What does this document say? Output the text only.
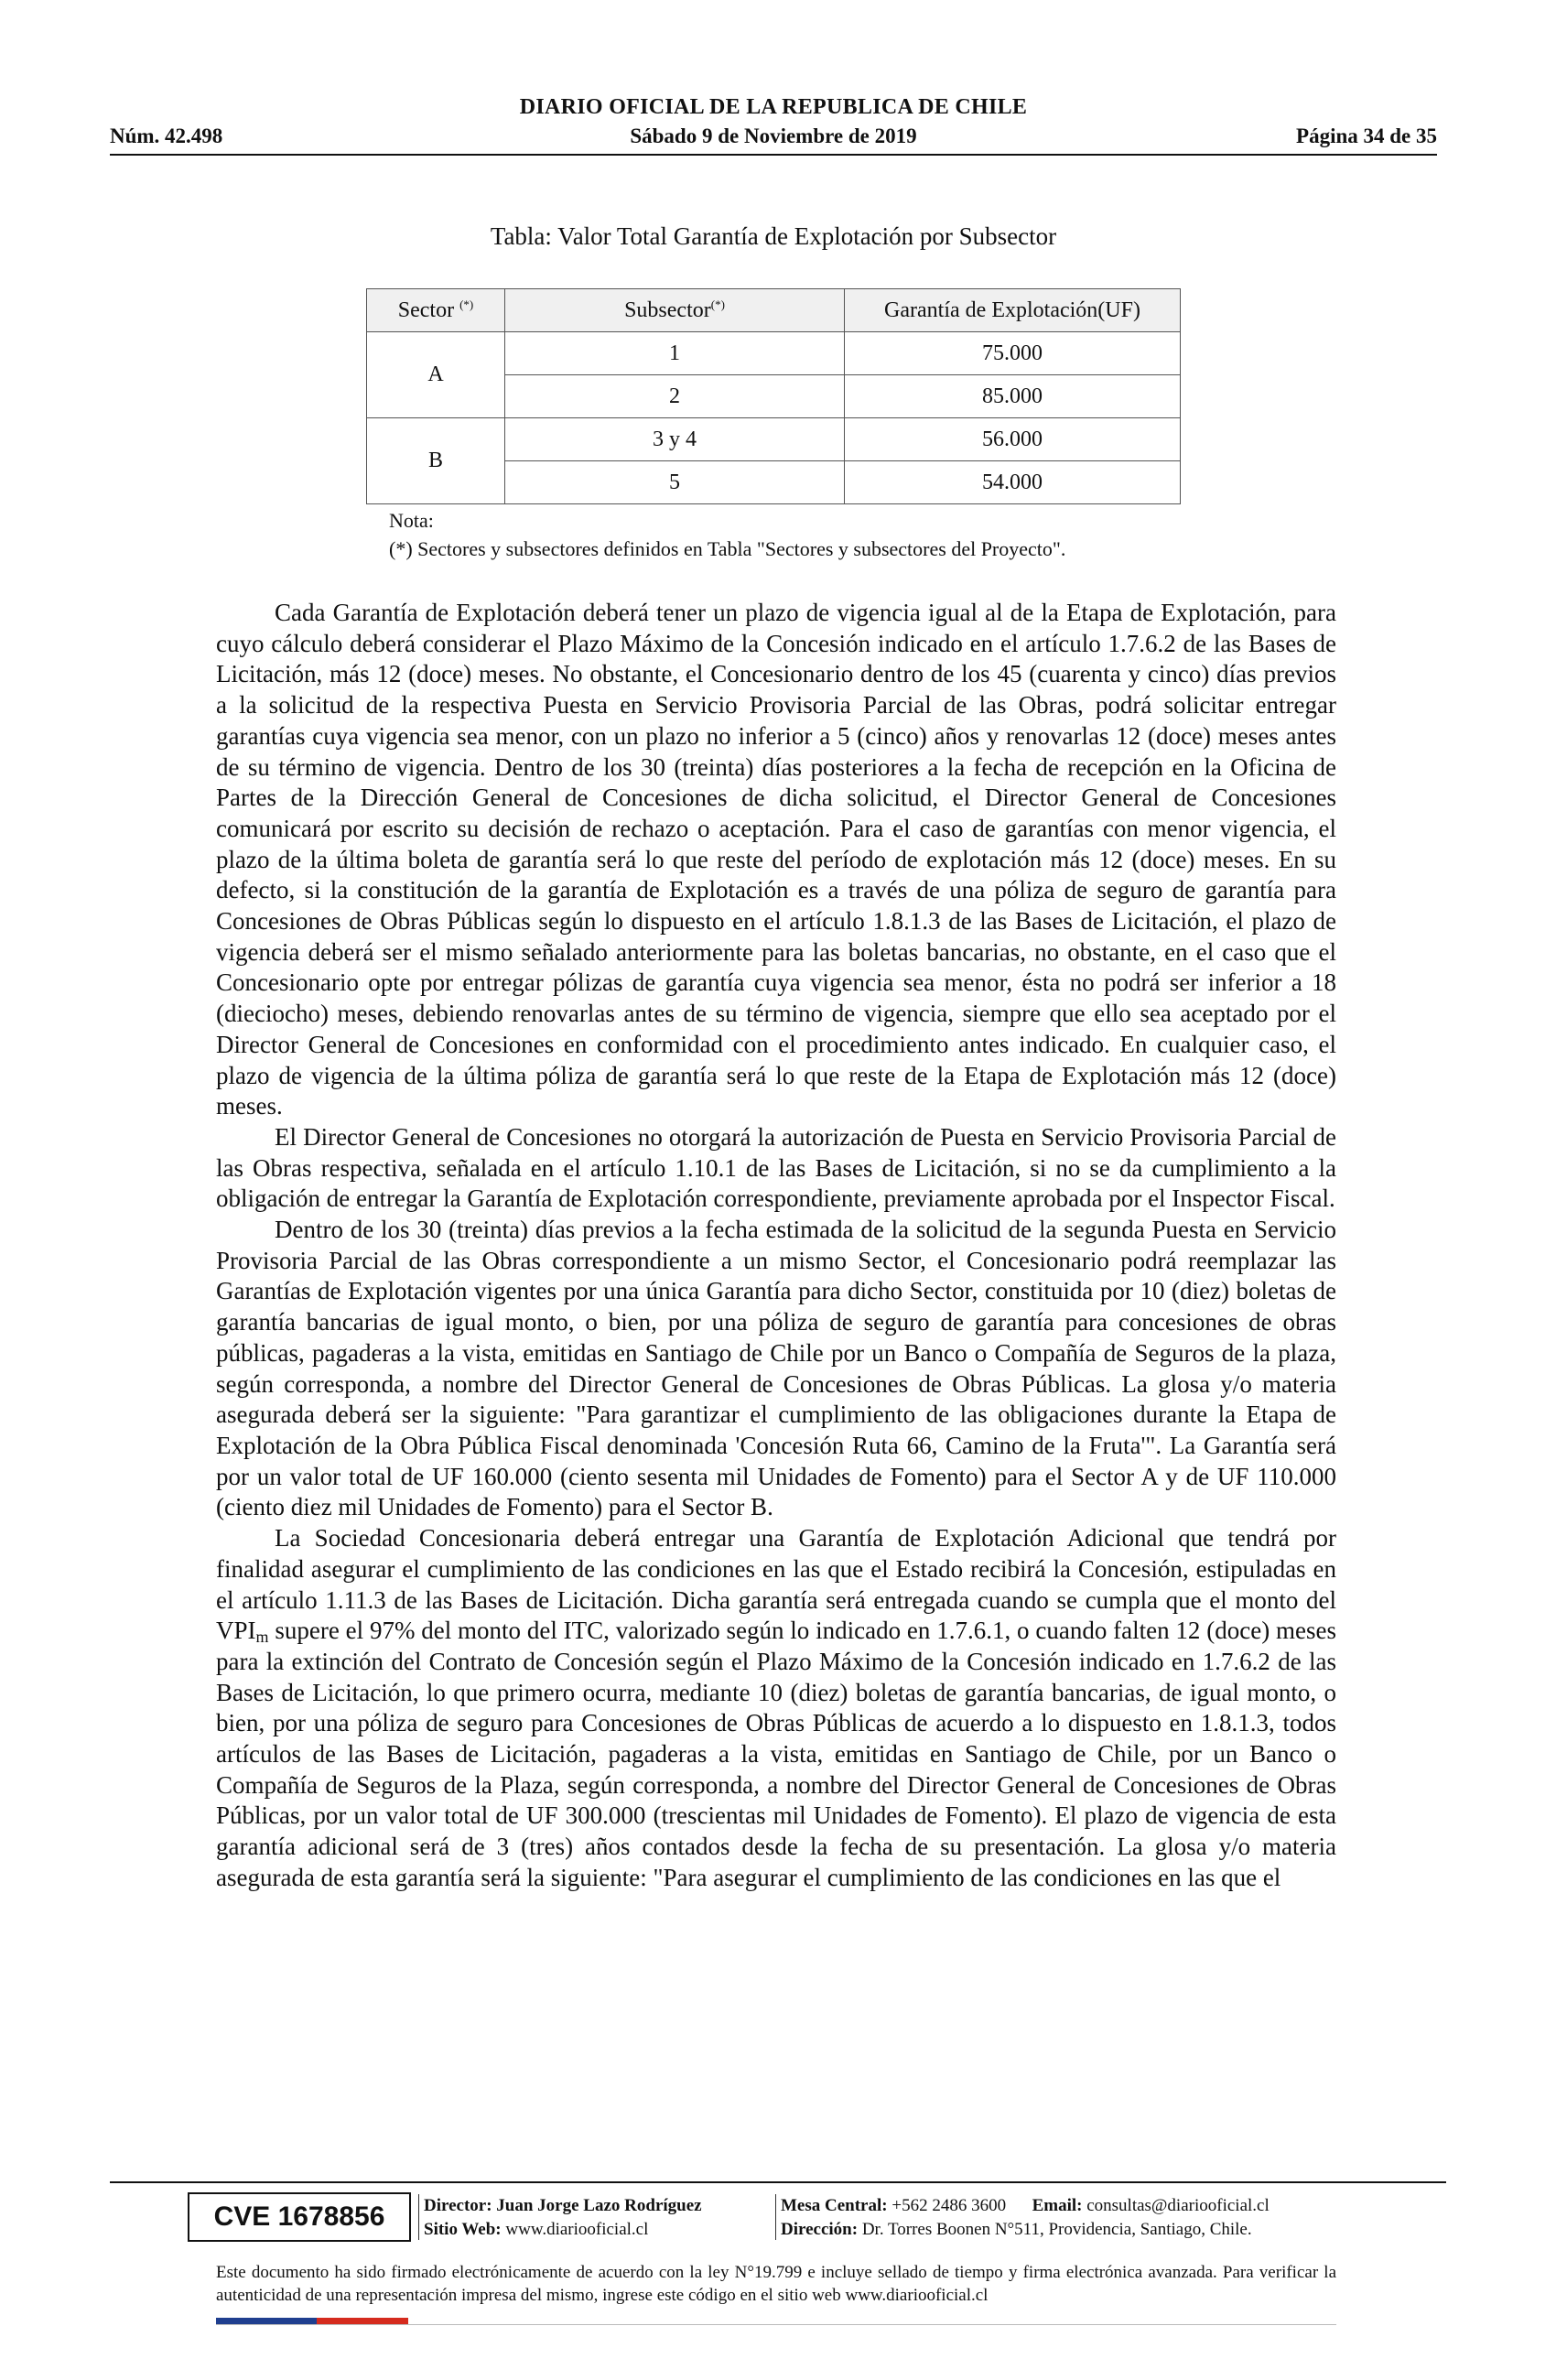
DIARIO OFICIAL DE LA REPUBLICA DE CHILE
Núm. 42.498	Sábado 9 de Noviembre de 2019	Página 34 de 35
Tabla: Valor Total Garantía de Explotación por Subsector
Sector (*)	Subsector(*)	Garantía de Explotación(UF)
A	1	75.000
	2	85.000
B	3 y 4	56.000
	5	54.000
Nota:
(*) Sectores y subsectores definidos en Tabla "Sectores y subsectores del Proyecto".

Cada Garantía de Explotación deberá tener un plazo de vigencia igual al de la Etapa de Explotación, para cuyo cálculo deberá considerar el Plazo Máximo de la Concesión indicado en el artículo 1.7.6.2 de las Bases de Licitación, más 12 (doce) meses. No obstante, el Concesionario dentro de los 45 (cuarenta y cinco) días previos a la solicitud de la respectiva Puesta en Servicio Provisoria Parcial de las Obras, podrá solicitar entregar garantías cuya vigencia sea menor, con un plazo no inferior a 5 (cinco) años y renovarlas 12 (doce) meses antes de su término de vigencia. Dentro de los 30 (treinta) días posteriores a la fecha de recepción en la Oficina de Partes de la Dirección General de Concesiones de dicha solicitud, el Director General de Concesiones comunicará por escrito su decisión de rechazo o aceptación. Para el caso de garantías con menor vigencia, el plazo de la última boleta de garantía será lo que reste del período de explotación más 12 (doce) meses. En su defecto, si la constitución de la garantía de Explotación es a través de una póliza de seguro de garantía para Concesiones de Obras Públicas según lo dispuesto en el artículo 1.8.1.3 de las Bases de Licitación, el plazo de vigencia deberá ser el mismo señalado anteriormente para las boletas bancarias, no obstante, en el caso que el Concesionario opte por entregar pólizas de garantía cuya vigencia sea menor, ésta no podrá ser inferior a 18 (dieciocho) meses, debiendo renovarlas antes de su término de vigencia, siempre que ello sea aceptado por el Director General de Concesiones en conformidad con el procedimiento antes indicado. En cualquier caso, el plazo de vigencia de la última póliza de garantía será lo que reste de la Etapa de Explotación más 12 (doce) meses.

El Director General de Concesiones no otorgará la autorización de Puesta en Servicio Provisoria Parcial de las Obras respectiva, señalada en el artículo 1.10.1 de las Bases de Licitación, si no se da cumplimiento a la obligación de entregar la Garantía de Explotación correspondiente, previamente aprobada por el Inspector Fiscal.

Dentro de los 30 (treinta) días previos a la fecha estimada de la solicitud de la segunda Puesta en Servicio Provisoria Parcial de las Obras correspondiente a un mismo Sector, el Concesionario podrá reemplazar las Garantías de Explotación vigentes por una única Garantía para dicho Sector, constituida por 10 (diez) boletas de garantía bancarias de igual monto, o bien, por una póliza de seguro de garantía para concesiones de obras públicas, pagaderas a la vista, emitidas en Santiago de Chile por un Banco o Compañía de Seguros de la plaza, según corresponda, a nombre del Director General de Concesiones de Obras Públicas. La glosa y/o materia asegurada deberá ser la siguiente: "Para garantizar el cumplimiento de las obligaciones durante la Etapa de Explotación de la Obra Pública Fiscal denominada 'Concesión Ruta 66, Camino de la Fruta'". La Garantía será por un valor total de UF 160.000 (ciento sesenta mil Unidades de Fomento) para el Sector A y de UF 110.000 (ciento diez mil Unidades de Fomento) para el Sector B.

La Sociedad Concesionaria deberá entregar una Garantía de Explotación Adicional que tendrá por finalidad asegurar el cumplimiento de las condiciones en las que el Estado recibirá la Concesión, estipuladas en el artículo 1.11.3 de las Bases de Licitación. Dicha garantía será entregada cuando se cumpla que el monto del $VPI_m$ supere el 97% del monto del ITC, valorizado según lo indicado en 1.7.6.1, o cuando falten 12 (doce) meses para la extinción del Contrato de Concesión según el Plazo Máximo de la Concesión indicado en 1.7.6.2 de las Bases de Licitación, lo que primero ocurra, mediante 10 (diez) boletas de garantía bancarias, de igual monto, o bien, por una póliza de seguro para Concesiones de Obras Públicas de acuerdo a lo dispuesto en 1.8.1.3, todos artículos de las Bases de Licitación, pagaderas a la vista, emitidas en Santiago de Chile, por un Banco o Compañía de Seguros de la Plaza, según corresponda, a nombre del Director General de Concesiones de Obras Públicas, por un valor total de UF 300.000 (trescientas mil Unidades de Fomento). El plazo de vigencia de esta garantía adicional será de 3 (tres) años contados desde la fecha de su presentación. La glosa y/o materia asegurada de esta garantía será la siguiente: "Para asegurar el cumplimiento de las condiciones en las que el

CVE 1678856	Director: Juan Jorge Lazo Rodríguez
Sitio Web: www.diariooficial.cl
Mesa Central: +562 2486 3600 Email: consultas@diariooficial.cl
Dirección: Dr. Torres Boonen N°511, Providencia, Santiago, Chile.
Este documento ha sido firmado electrónicamente de acuerdo con la ley N°19.799 e incluye sellado de tiempo y firma electrónica avanzada. Para verificar la autenticidad de una representación impresa del mismo, ingrese este código en el sitio web www.diariooficial.cl
